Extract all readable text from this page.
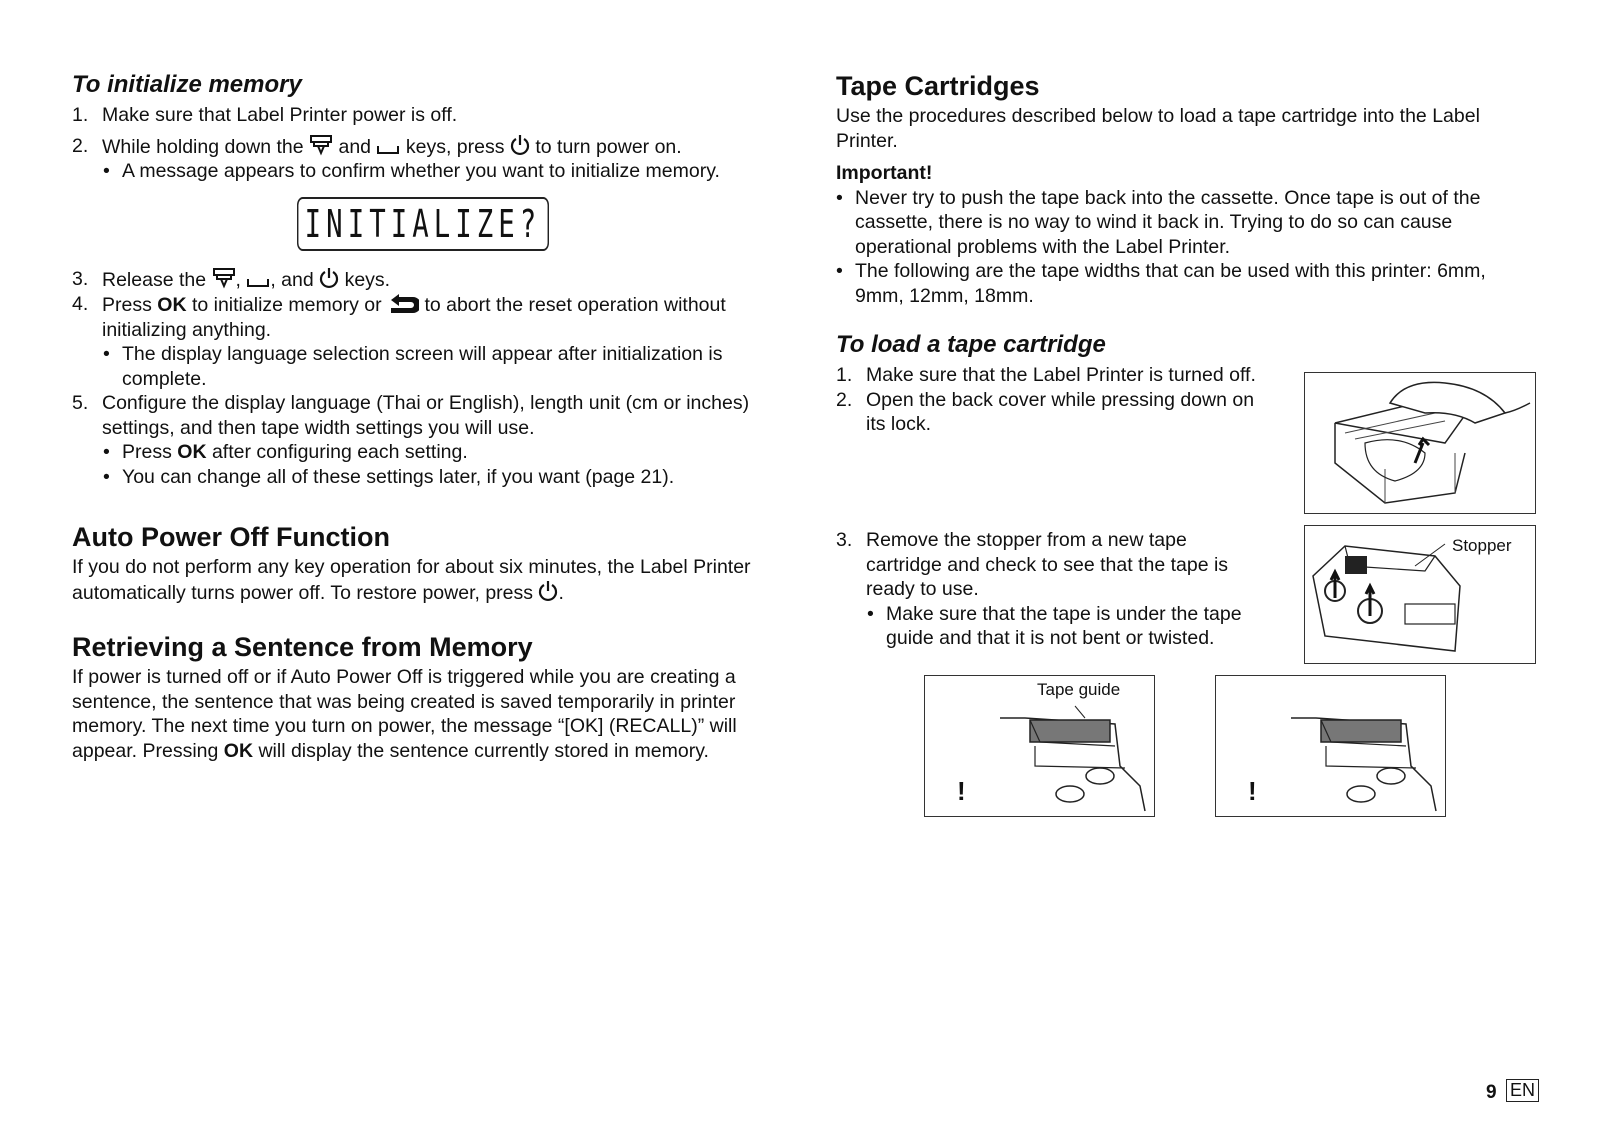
To initialize memory
1. Make sure that Label Printer power is off.
2. While holding down the and keys, press to turn power on.
• A message appears to confirm whether you want to initialize memory.
INITIALIZE?
3. Release the , , and keys.
4. Press OK to initialize memory or to abort the reset operation without initializing anything.
• The display language selection screen will appear after initialization is complete.
5. Configure the display language (Thai or English), length unit (cm or inches) settings, and then tape width settings you will use.
• Press OK after configuring each setting.
• You can change all of these settings later, if you want (page 21).
Auto Power Off Function
If you do not perform any key operation for about six minutes, the Label Printer automatically turns power off. To restore power, press .
Retrieving a Sentence from Memory
If power is turned off or if Auto Power Off is triggered while you are creating a sentence, the sentence that was being created is saved temporarily in printer memory. The next time you turn on power, the message “[OK] (RECALL)” will appear. Pressing OK will display the sentence currently stored in memory.
Tape Cartridges
Use the procedures described below to load a tape cartridge into the Label Printer.
Important!
• Never try to push the tape back into the cassette. Once tape is out of the cassette, there is no way to wind it back in. Trying to do so can cause operational problems with the Label Printer.
• The following are the tape widths that can be used with this printer: 6mm, 9mm, 12mm, 18mm.
To load a tape cartridge
1. Make sure that the Label Printer is turned off.
2. Open the back cover while pressing down on its lock.
3. Remove the stopper from a new tape cartridge and check to see that the tape is ready to use.
• Make sure that the tape is under the tape guide and that it is not bent or twisted.
Stopper
Tape guide
!	!
9 EN
